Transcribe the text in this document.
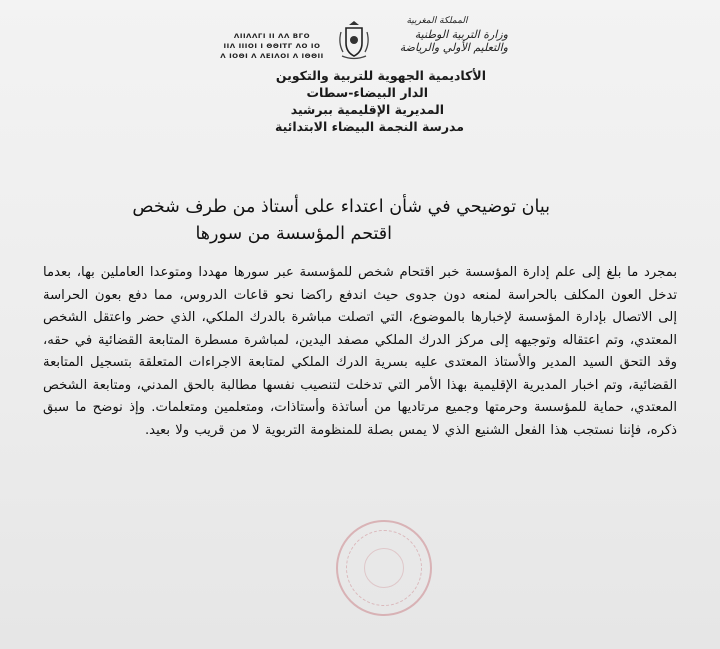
ΛΙΙΛΛΓΙ ΙΙ ΛΛ ΒΓΟ
ΙΙΛ ΙΙΙΟΙ Ι ΘΘΙΤΓ ΛΟ ΙΟ
Λ ΙΟΘΙ Λ ΛΕΙΛΟΙ Λ ΙΘΘΙΙ
المملكة المغربية
وزارة التربية الوطنية
والتعليم الأولي والرياضة
الأكاديمية الجهوية للتربية والتكوين
الدار البيضاء-سطات
المديرية الإقليمية ببرشيد
مدرسة النجمة البيضاء الابتدائية
بيان توضيحي في شأن اعتداء على أستاذ من طرف شخص
اقتحم المؤسسة من سورها
بمجرد ما بلغ إلى علم إدارة المؤسسة خبر اقتحام شخص للمؤسسة عبر سورها مهددا ومتوعدا العاملين بها، بعدما تدخل العون المكلف بالحراسة لمنعه دون جدوى حيث اندفع راكضا نحو قاعات الدروس، مما دفع بعون الحراسة إلى الاتصال بإدارة المؤسسة لإخبارها بالموضوع، التي اتصلت مباشرة بالدرك الملكي، الذي حضر واعتقل الشخص المعتدي، وتم اعتقاله وتوجيهه إلى مركز الدرك الملكي مصفد اليدين، لمباشرة مسطرة المتابعة القضائية في حقه، وقد التحق السيد المدير والأستاذ المعتدى عليه بسرية الدرك الملكي لمتابعة الاجراءات المتعلقة بتسجيل المتابعة القضائية، وتم اخبار المديرية الإقليمية بهذا الأمر التي تدخلت لتنصيب نفسها مطالبة بالحق المدني، ومتابعة الشخص المعتدي، حماية للمؤسسة وحرمتها وجميع مرتاديها من أساتذة وأستاذات، ومتعلمين ومتعلمات. وإذ نوضح ما سبق ذكره، فإننا نستجب هذا الفعل الشنيع الذي لا يمس بصلة للمنظومة التربوية لا من قريب ولا بعيد.
